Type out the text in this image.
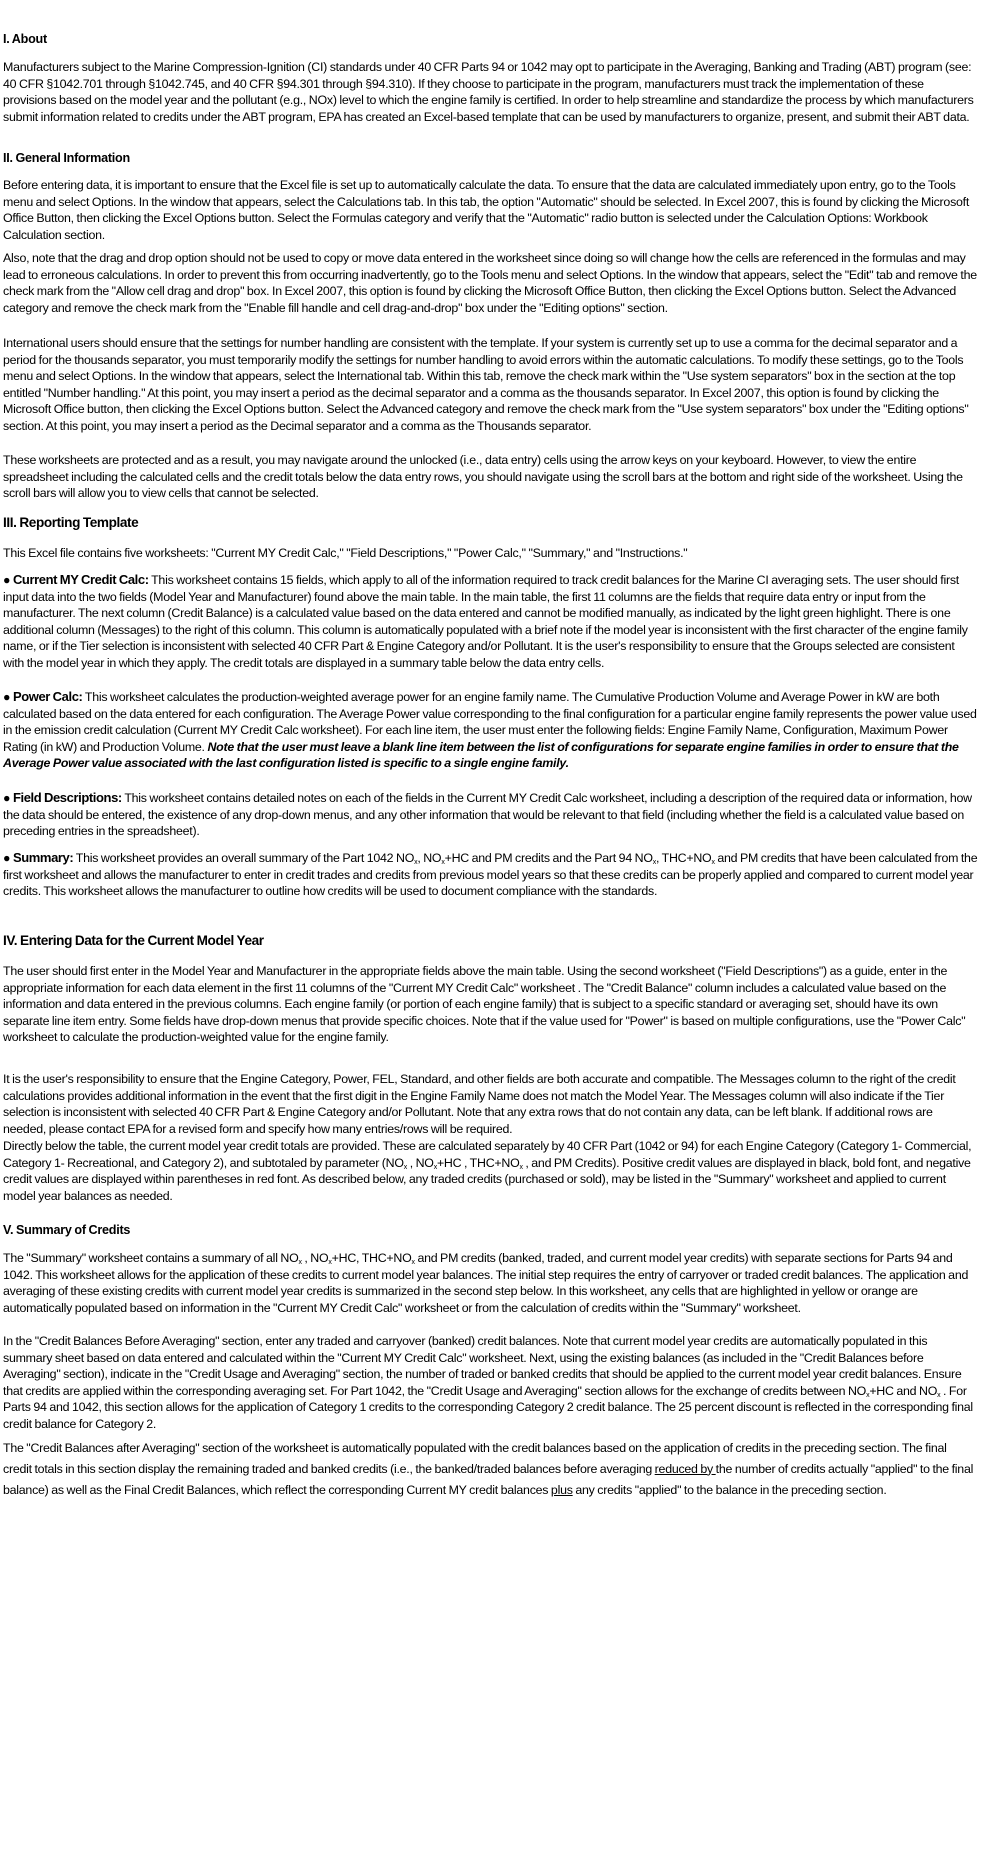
I. About
Manufacturers subject to the Marine Compression-Ignition (CI) standards under 40 CFR Parts 94 or 1042 may opt to participate in the Averaging, Banking and Trading (ABT) program (see: 40 CFR §1042.701 through §1042.745, and 40 CFR §94.301 through §94.310). If they choose to participate in the program, manufacturers must track the implementation of these provisions based on the model year and the pollutant (e.g., NOx) level to which the engine family is certified. In order to help streamline and standardize the process by which manufacturers submit information related to credits under the ABT program, EPA has created an Excel-based template that can be used by manufacturers to organize, present, and submit their ABT data.
II. General Information
Before entering data, it is important to ensure that the Excel file is set up to automatically calculate the data. To ensure that the data are calculated immediately upon entry, go to the Tools menu and select Options. In the window that appears, select the Calculations tab. In this tab, the option "Automatic" should be selected. In Excel 2007, this is found by clicking the Microsoft Office Button, then clicking the Excel Options button. Select the Formulas category and verify that the "Automatic" radio button is selected under the Calculation Options: Workbook Calculation section.
Also, note that the drag and drop option should not be used to copy or move data entered in the worksheet since doing so will change how the cells are referenced in the formulas and may lead to erroneous calculations. In order to prevent this from occurring inadvertently, go to the Tools menu and select Options. In the window that appears, select the "Edit" tab and remove the check mark from the "Allow cell drag and drop" box. In Excel 2007, this option is found by clicking the Microsoft Office Button, then clicking the Excel Options button. Select the Advanced category and remove the check mark from the "Enable fill handle and cell drag-and-drop" box under the "Editing options" section.
International users should ensure that the settings for number handling are consistent with the template. If your system is currently set up to use a comma for the decimal separator and a period for the thousands separator, you must temporarily modify the settings for number handling to avoid errors within the automatic calculations. To modify these settings, go to the Tools menu and select Options. In the window that appears, select the International tab. Within this tab, remove the check mark within the "Use system separators" box in the section at the top entitled "Number handling." At this point, you may insert a period as the decimal separator and a comma as the thousands separator. In Excel 2007, this option is found by clicking the Microsoft Office button, then clicking the Excel Options button. Select the Advanced category and remove the check mark from the "Use system separators" box under the "Editing options" section. At this point, you may insert a period as the Decimal separator and a comma as the Thousands separator.
These worksheets are protected and as a result, you may navigate around the unlocked (i.e., data entry) cells using the arrow keys on your keyboard. However, to view the entire spreadsheet including the calculated cells and the credit totals below the data entry rows, you should navigate using the scroll bars at the bottom and right side of the worksheet. Using the scroll bars will allow you to view cells that cannot be selected.
III. Reporting Template
This Excel file contains five worksheets: "Current MY Credit Calc," "Field Descriptions," "Power Calc," "Summary," and "Instructions."
● Current MY Credit Calc: This worksheet contains 15 fields, which apply to all of the information required to track credit balances for the Marine CI averaging sets. The user should first input data into the two fields (Model Year and Manufacturer) found above the main table. In the main table, the first 11 columns are the fields that require data entry or input from the manufacturer. The next column (Credit Balance) is a calculated value based on the data entered and cannot be modified manually, as indicated by the light green highlight. There is one additional column (Messages) to the right of this column. This column is automatically populated with a brief note if the model year is inconsistent with the first character of the engine family name, or if the Tier selection is inconsistent with selected 40 CFR Part & Engine Category and/or Pollutant. It is the user's responsibility to ensure that the Groups selected are consistent with the model year in which they apply. The credit totals are displayed in a summary table below the data entry cells.
● Power Calc: This worksheet calculates the production-weighted average power for an engine family name. The Cumulative Production Volume and Average Power in kW are both calculated based on the data entered for each configuration. The Average Power value corresponding to the final configuration for a particular engine family represents the power value used in the emission credit calculation (Current MY Credit Calc worksheet). For each line item, the user must enter the following fields: Engine Family Name, Configuration, Maximum Power Rating (in kW) and Production Volume. Note that the user must leave a blank line item between the list of configurations for separate engine families in order to ensure that the Average Power value associated with the last configuration listed is specific to a single engine family.
● Field Descriptions: This worksheet contains detailed notes on each of the fields in the Current MY Credit Calc worksheet, including a description of the required data or information, how the data should be entered, the existence of any drop-down menus, and any other information that would be relevant to that field (including whether the field is a calculated value based on preceding entries in the spreadsheet).
● Summary: This worksheet provides an overall summary of the Part 1042 $NO_x$, $NO_x+HC$ and PM credits and the Part 94 $NO_x$, $THC+NO_x$ and PM credits that have been calculated from the first worksheet and allows the manufacturer to enter in credit trades and credits from previous model years so that these credits can be properly applied and compared to current model year credits. This worksheet allows the manufacturer to outline how credits will be used to document compliance with the standards.
IV. Entering Data for the Current Model Year
The user should first enter in the Model Year and Manufacturer in the appropriate fields above the main table. Using the second worksheet ("Field Descriptions") as a guide, enter in the appropriate information for each data element in the first 11 columns of the "Current MY Credit Calc" worksheet . The "Credit Balance" column includes a calculated value based on the information and data entered in the previous columns. Each engine family (or portion of each engine family) that is subject to a specific standard or averaging set, should have its own separate line item entry. Some fields have drop-down menus that provide specific choices. Note that if the value used for "Power" is based on multiple configurations, use the "Power Calc" worksheet to calculate the production-weighted value for the engine family.
It is the user's responsibility to ensure that the Engine Category, Power, FEL, Standard, and other fields are both accurate and compatible. The Messages column to the right of the credit calculations provides additional information in the event that the first digit in the Engine Family Name does not match the Model Year. The Messages column will also indicate if the Tier selection is inconsistent with selected 40 CFR Part & Engine Category and/or Pollutant. Note that any extra rows that do not contain any data, can be left blank. If additional rows are needed, please contact EPA for a revised form and specify how many entries/rows will be required.
Directly below the table, the current model year credit totals are provided. These are calculated separately by 40 CFR Part (1042 or 94) for each Engine Category (Category 1- Commercial, Category 1- Recreational, and Category 2), and subtotaled by parameter ($NO_x$ , $NO_x+HC$ , $THC+NO_x$ , and PM Credits). Positive credit values are displayed in black, bold font, and negative credit values are displayed within parentheses in red font. As described below, any traded credits (purchased or sold), may be listed in the "Summary" worksheet and applied to current model year balances as needed.
V. Summary of Credits
The "Summary" worksheet contains a summary of all $NO_x$ , $NO_x+HC$, $THC+NO_x$ and PM credits (banked, traded, and current model year credits) with separate sections for Parts 94 and 1042. This worksheet allows for the application of these credits to current model year balances. The initial step requires the entry of carryover or traded credit balances. The application and averaging of these existing credits with current model year credits is summarized in the second step below. In this worksheet, any cells that are highlighted in yellow or orange are automatically populated based on information in the "Current MY Credit Calc" worksheet or from the calculation of credits within the "Summary" worksheet.
In the "Credit Balances Before Averaging" section, enter any traded and carryover (banked) credit balances. Note that current model year credits are automatically populated in this summary sheet based on data entered and calculated within the "Current MY Credit Calc" worksheet. Next, using the existing balances (as included in the "Credit Balances before Averaging" section), indicate in the "Credit Usage and Averaging" section, the number of traded or banked credits that should be applied to the current model year credit balances. Ensure that credits are applied within the corresponding averaging set. For Part 1042, the "Credit Usage and Averaging" section allows for the exchange of credits between $NO_x+HC$ and $NO_x$ . For Parts 94 and 1042, this section allows for the application of Category 1 credits to the corresponding Category 2 credit balance. The 25 percent discount is reflected in the corresponding final credit balance for Category 2.
The "Credit Balances after Averaging" section of the worksheet is automatically populated with the credit balances based on the application of credits in the preceding section. The final credit totals in this section display the remaining traded and banked credits (i.e., the banked/traded balances before averaging reduced by the number of credits actually "applied" to the final balance) as well as the Final Credit Balances, which reflect the corresponding Current MY credit balances plus any credits "applied" to the balance in the preceding section.
